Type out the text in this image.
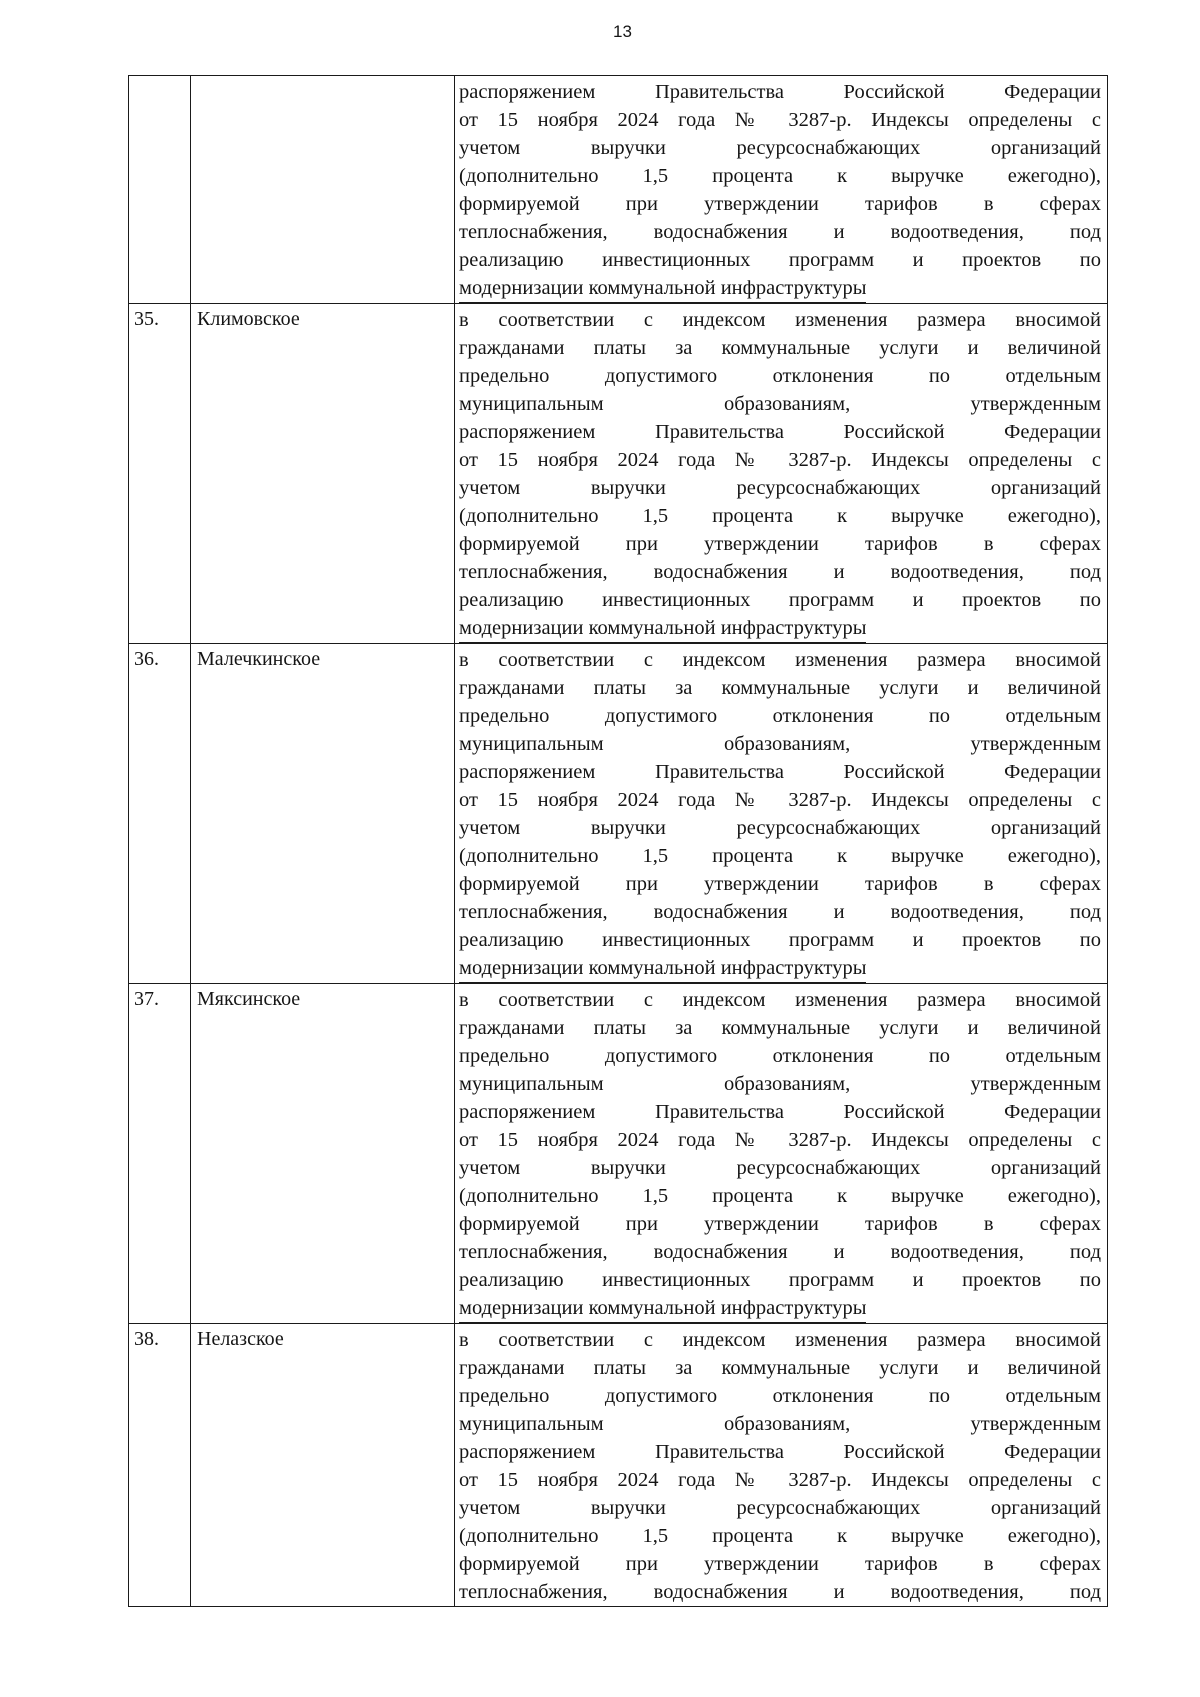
13
распоряжением Правительства Российской Федерации
от 15 ноября 2024 года № 3287-р. Индексы определены с
учетом выручки ресурсоснабжающих организаций
(дополнительно 1,5 процента к выручке ежегодно),
формируемой при утверждении тарифов в сферах
теплоснабжения, водоснабжения и водоотведения, под
реализацию инвестиционных программ и проектов по
модернизации коммунальной инфраструктуры
35.	Климовское	в соответствии с индексом изменения размера вносимой
гражданами платы за коммунальные услуги и величиной
предельно допустимого отклонения по отдельным
муниципальным образованиям, утвержденным
распоряжением Правительства Российской Федерации
от 15 ноября 2024 года № 3287-р. Индексы определены с
учетом выручки ресурсоснабжающих организаций
(дополнительно 1,5 процента к выручке ежегодно),
формируемой при утверждении тарифов в сферах
теплоснабжения, водоснабжения и водоотведения, под
реализацию инвестиционных программ и проектов по
модернизации коммунальной инфраструктуры
36.	Малечкинское	в соответствии с индексом изменения размера вносимой
гражданами платы за коммунальные услуги и величиной
предельно допустимого отклонения по отдельным
муниципальным образованиям, утвержденным
распоряжением Правительства Российской Федерации
от 15 ноября 2024 года № 3287-р. Индексы определены с
учетом выручки ресурсоснабжающих организаций
(дополнительно 1,5 процента к выручке ежегодно),
формируемой при утверждении тарифов в сферах
теплоснабжения, водоснабжения и водоотведения, под
реализацию инвестиционных программ и проектов по
модернизации коммунальной инфраструктуры
37.	Мяксинское	в соответствии с индексом изменения размера вносимой
гражданами платы за коммунальные услуги и величиной
предельно допустимого отклонения по отдельным
муниципальным образованиям, утвержденным
распоряжением Правительства Российской Федерации
от 15 ноября 2024 года № 3287-р. Индексы определены с
учетом выручки ресурсоснабжающих организаций
(дополнительно 1,5 процента к выручке ежегодно),
формируемой при утверждении тарифов в сферах
теплоснабжения, водоснабжения и водоотведения, под
реализацию инвестиционных программ и проектов по
модернизации коммунальной инфраструктуры
38.	Нелазское	в соответствии с индексом изменения размера вносимой
гражданами платы за коммунальные услуги и величиной
предельно допустимого отклонения по отдельным
муниципальным образованиям, утвержденным
распоряжением Правительства Российской Федерации
от 15 ноября 2024 года № 3287-р. Индексы определены с
учетом выручки ресурсоснабжающих организаций
(дополнительно 1,5 процента к выручке ежегодно),
формируемой при утверждении тарифов в сферах
теплоснабжения, водоснабжения и водоотведения, под
